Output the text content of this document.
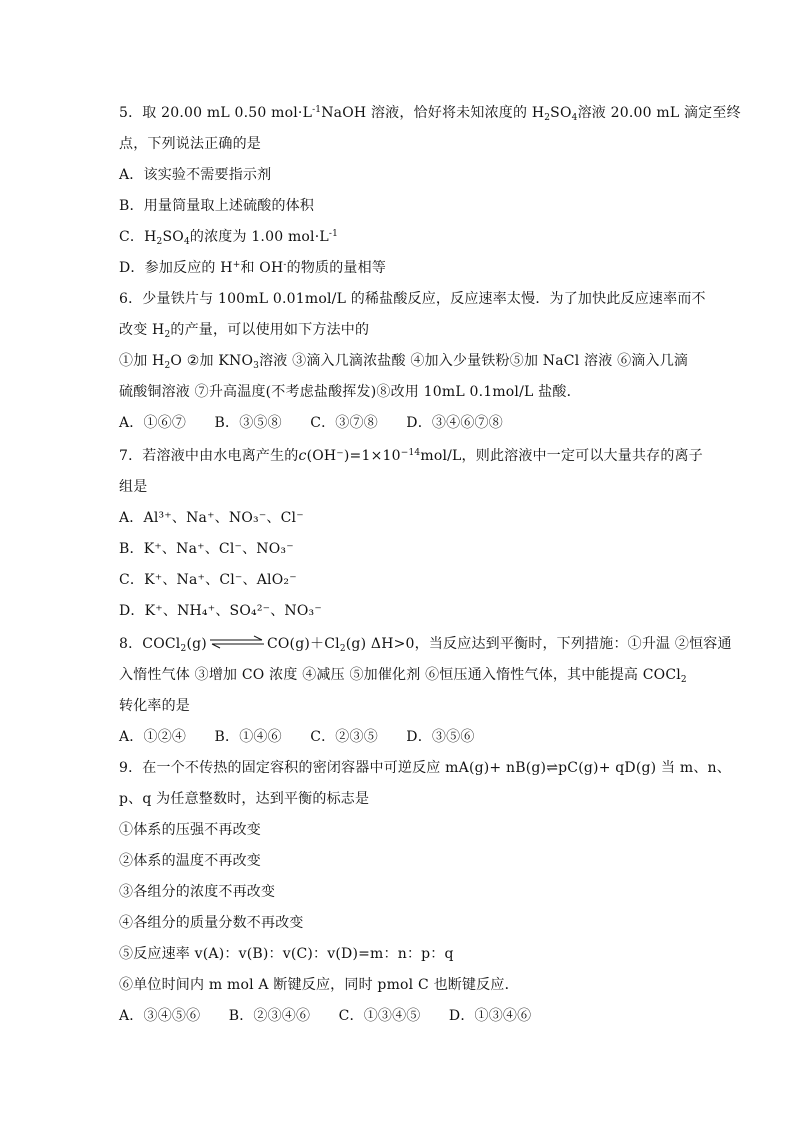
5．取 20.00 mL 0.50 $mol\cdot L^{-1}NaOH$ 溶液，恰好将未知浓度的 $H_2SO_4$溶液 20.00 mL 滴定至终
点，下列说法正确的是
A．该实验不需要指示剂
B．用量筒量取上述硫酸的体积
C．$H_2SO_4$的浓度为 1.00 $mol\cdot L^{-1}$
D．参加反应的 H+和 OH-的物质的量相等
6．少量铁片与 100mL 0.01mol/L 的稀盐酸反应，反应速率太慢．为了加快此反应速率而不
改变 $H_2$的产量，可以使用如下方法中的
①加 $H_2O$ ②加 $KNO_3$溶液 ③滴入几滴浓盐酸 ④加入少量铁粉⑤加 NaCl 溶液 ⑥滴入几滴
硫酸铜溶液 ⑦升高温度(不考虑盐酸挥发)⑧改用 10mL 0.1mol/L 盐酸．
A．①⑥⑦　　B．③⑤⑧　　C．③⑦⑧　　D．③④⑥⑦⑧
7．若溶液中由水电离产生的$c(OH^-)=1\times 10^{-14}mol/L$，则此溶液中一定可以大量共存的离子
组是
A．Al³⁺、Na⁺、NO₃⁻、Cl⁻
B．K⁺、Na⁺、Cl⁻、NO₃⁻
C．K⁺、Na⁺、Cl⁻、AlO₂⁻
D．K⁺、NH₄⁺、SO₄²⁻、NO₃⁻
8．COCl$_2$(g)	$CO(g)+Cl_2(g)$ ΔH>0，当反应达到平衡时，下列措施：①升温 ②恒容通
入惰性气体 ③增加 CO 浓度 ④减压 ⑤加催化剂 ⑥恒压通入惰性气体，其中能提高 COCl$_2$
转化率的是
A．①②④　　B．①④⑥　　C．②③⑤　　D．③⑤⑥
9．在一个不传热的固定容积的密闭容器中可逆反应 mA(g)+ nB(g)⇌pC(g)+ qD(g) 当 m、n、
p、q 为任意整数时，达到平衡的标志是
①体系的压强不再改变
②体系的温度不再改变
③各组分的浓度不再改变
④各组分的质量分数不再改变
⑤反应速率 v(A)：v(B)：v(C)：v(D)=m：n：p：q
⑥单位时间内 m mol A 断键反应，同时 pmol C 也断键反应．
A．③④⑤⑥　　B．②③④⑥　　C．①③④⑤　　D．①③④⑥
